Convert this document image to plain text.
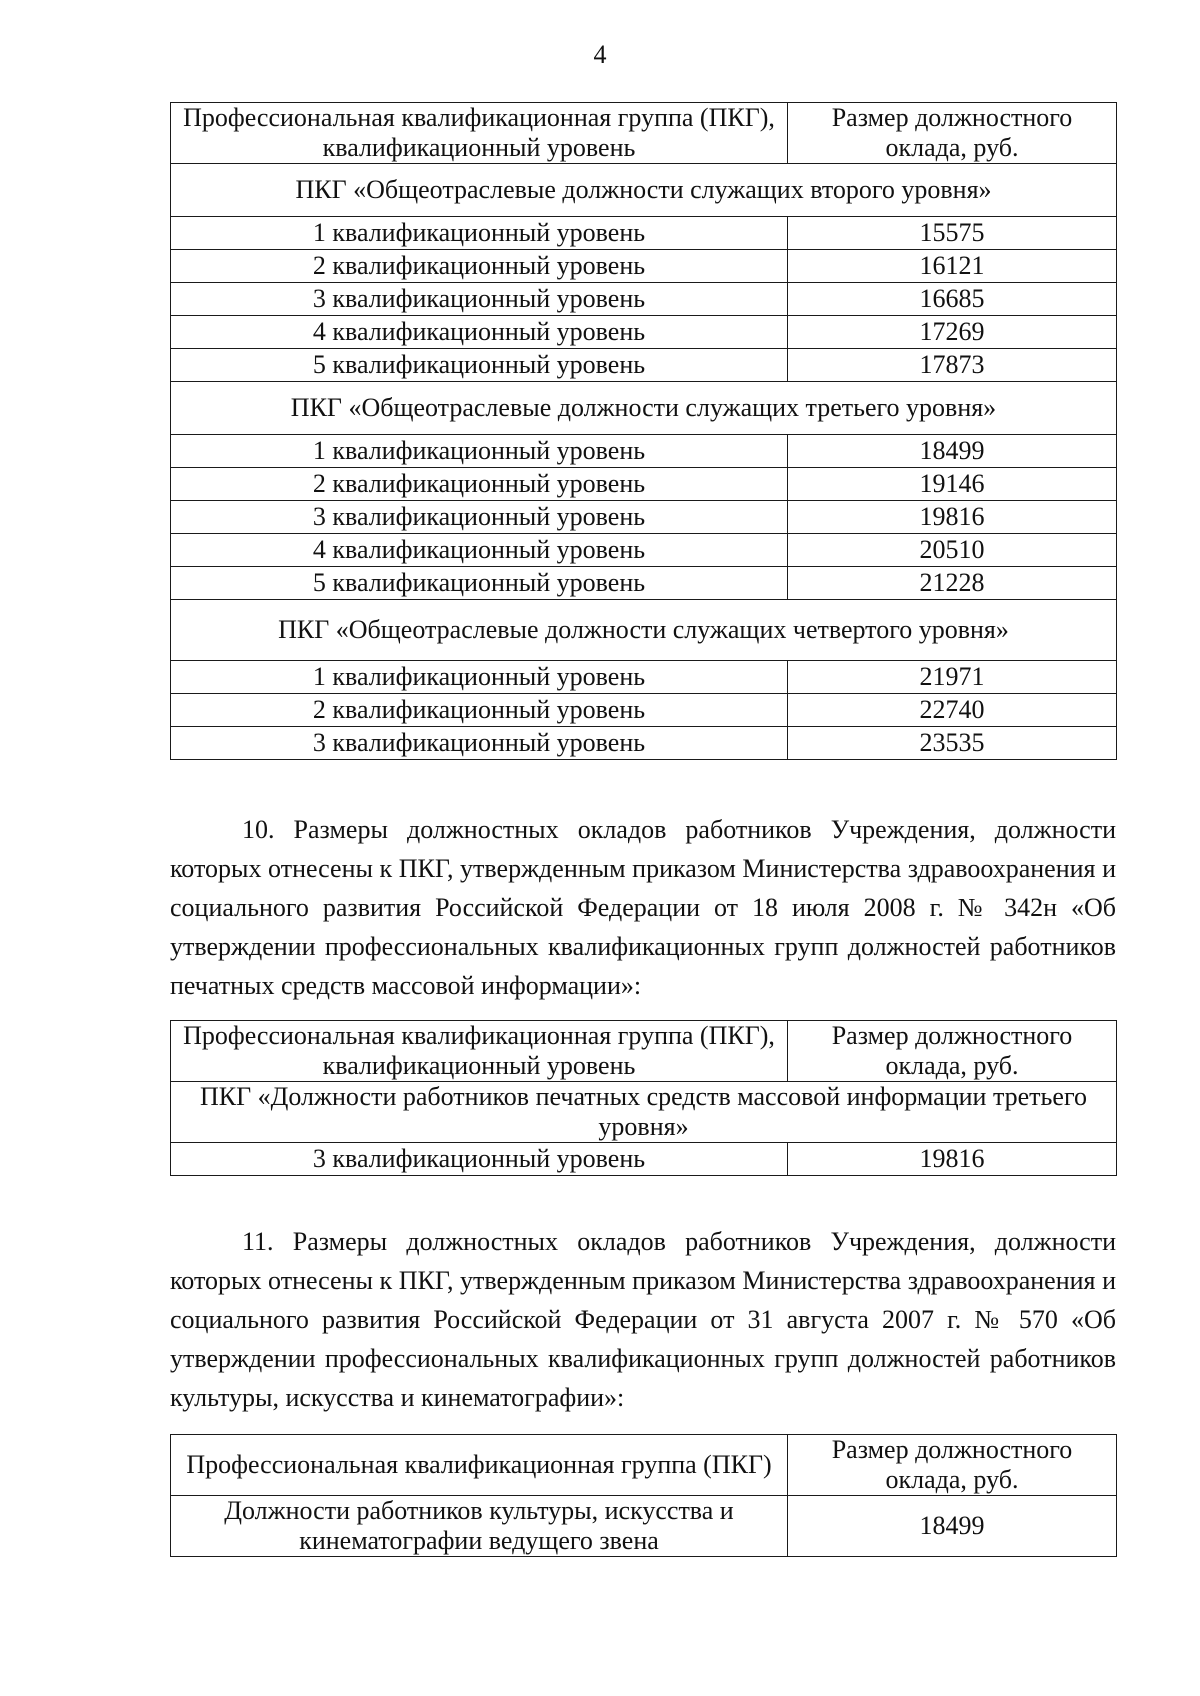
4
Профессиональная квалификационная группа (ПКГ), квалификационный уровень	Размер должностного оклада, руб.
ПКГ «Общеотраслевые должности служащих второго уровня»	
1 квалификационный уровень	15575
2 квалификационный уровень	16121
3 квалификационный уровень	16685
4 квалификационный уровень	17269
5 квалификационный уровень	17873
ПКГ «Общеотраслевые должности служащих третьего уровня»	
1 квалификационный уровень	18499
2 квалификационный уровень	19146
3 квалификационный уровень	19816
4 квалификационный уровень	20510
5 квалификационный уровень	21228
ПКГ «Общеотраслевые должности служащих четвертого уровня»	
1 квалификационный уровень	21971
2 квалификационный уровень	22740
3 квалификационный уровень	23535

10. Размеры должностных окладов работников Учреждения, должности которых отнесены к ПКГ, утвержденным приказом Министерства здравоохранения и социального развития Российской Федерации от 18 июля 2008 г. № 342н «Об утверждении профессиональных квалификационных групп должностей работников печатных средств массовой информации»:

Профессиональная квалификационная группа (ПКГ), квалификационный уровень	Размер должностного оклада, руб.
ПКГ «Должности работников печатных средств массовой информации третьего уровня»	
3 квалификационный уровень	19816

11. Размеры должностных окладов работников Учреждения, должности которых отнесены к ПКГ, утвержденным приказом Министерства здравоохранения и социального развития Российской Федерации от 31 августа 2007 г. № 570 «Об утверждении профессиональных квалификационных групп должностей работников культуры, искусства и кинематографии»:

Профессиональная квалификационная группа (ПКГ)	Размер должностного оклада, руб.
Должности работников культуры, искусства и кинематографии ведущего звена	18499
